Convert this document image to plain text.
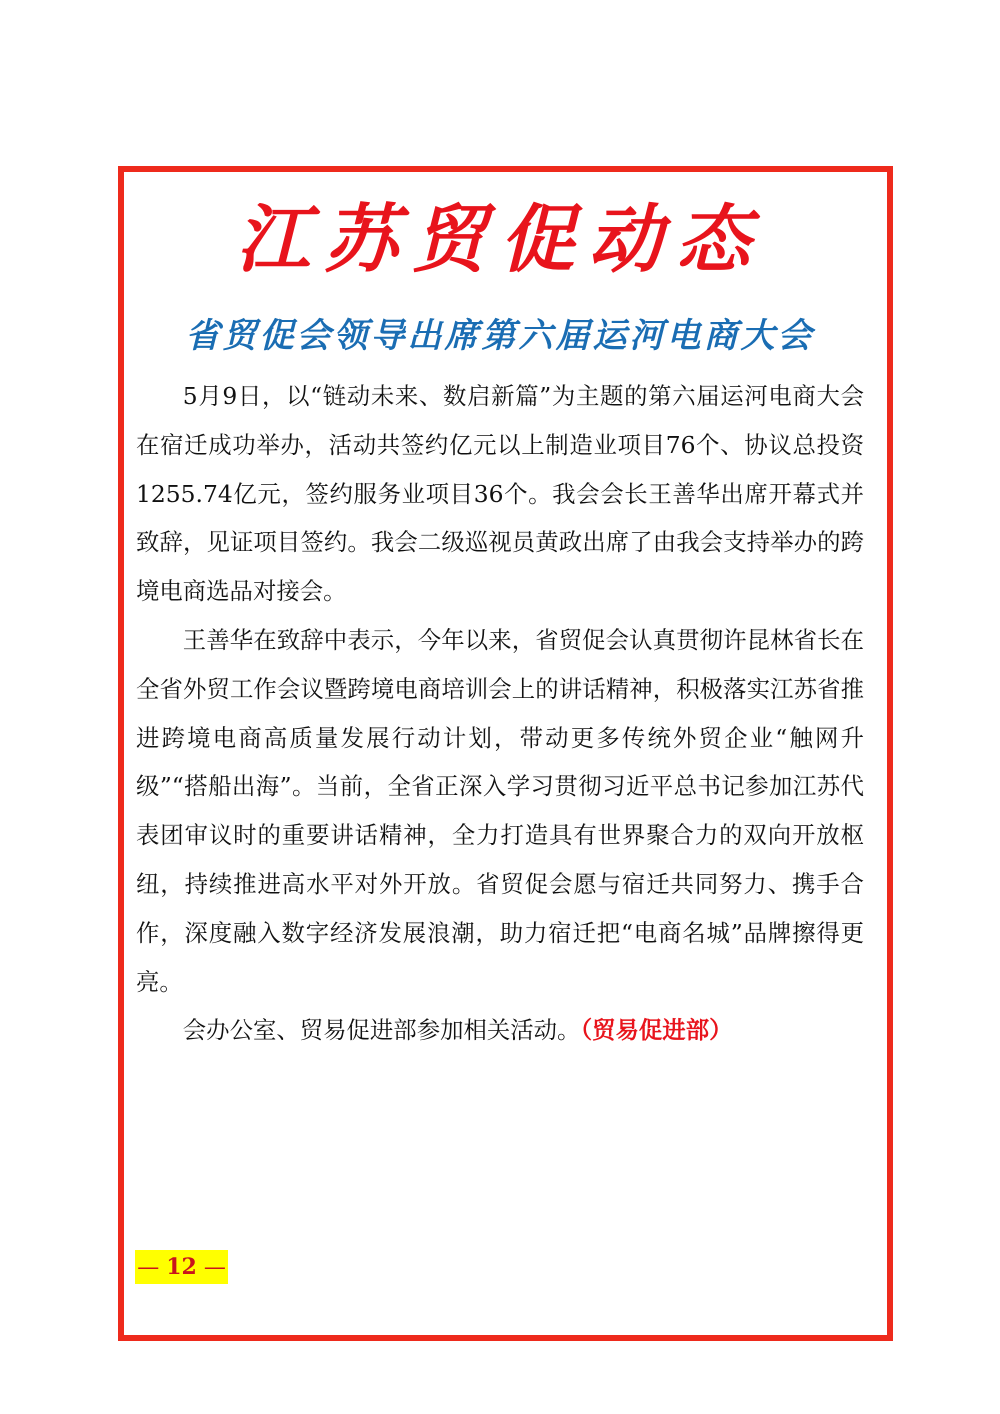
江苏贸促动态
省贸促会领导出席第六届运河电商大会

5月9日，以“链动未来、数启新篇”为主题的第六届运河电商大会在宿迁成功举办，活动共签约亿元以上制造业项目76个、协议总投资1255.74亿元，签约服务业项目36个。我会会长王善华出席开幕式并致辞，见证项目签约。我会二级巡视员黄政出席了由我会支持举办的跨境电商选品对接会。

王善华在致辞中表示，今年以来，省贸促会认真贯彻许昆林省长在全省外贸工作会议暨跨境电商培训会上的讲话精神，积极落实江苏省推进跨境电商高质量发展行动计划，带动更多传统外贸企业“触网升级”“搭船出海”。当前，全省正深入学习贯彻习近平总书记参加江苏代表团审议时的重要讲话精神，全力打造具有世界聚合力的双向开放枢纽，持续推进高水平对外开放。省贸促会愿与宿迁共同努力、携手合作，深度融入数字经济发展浪潮，助力宿迁把“电商名城”品牌擦得更亮。

会办公室、贸易促进部参加相关活动。（贸易促进部）

— 12 —
